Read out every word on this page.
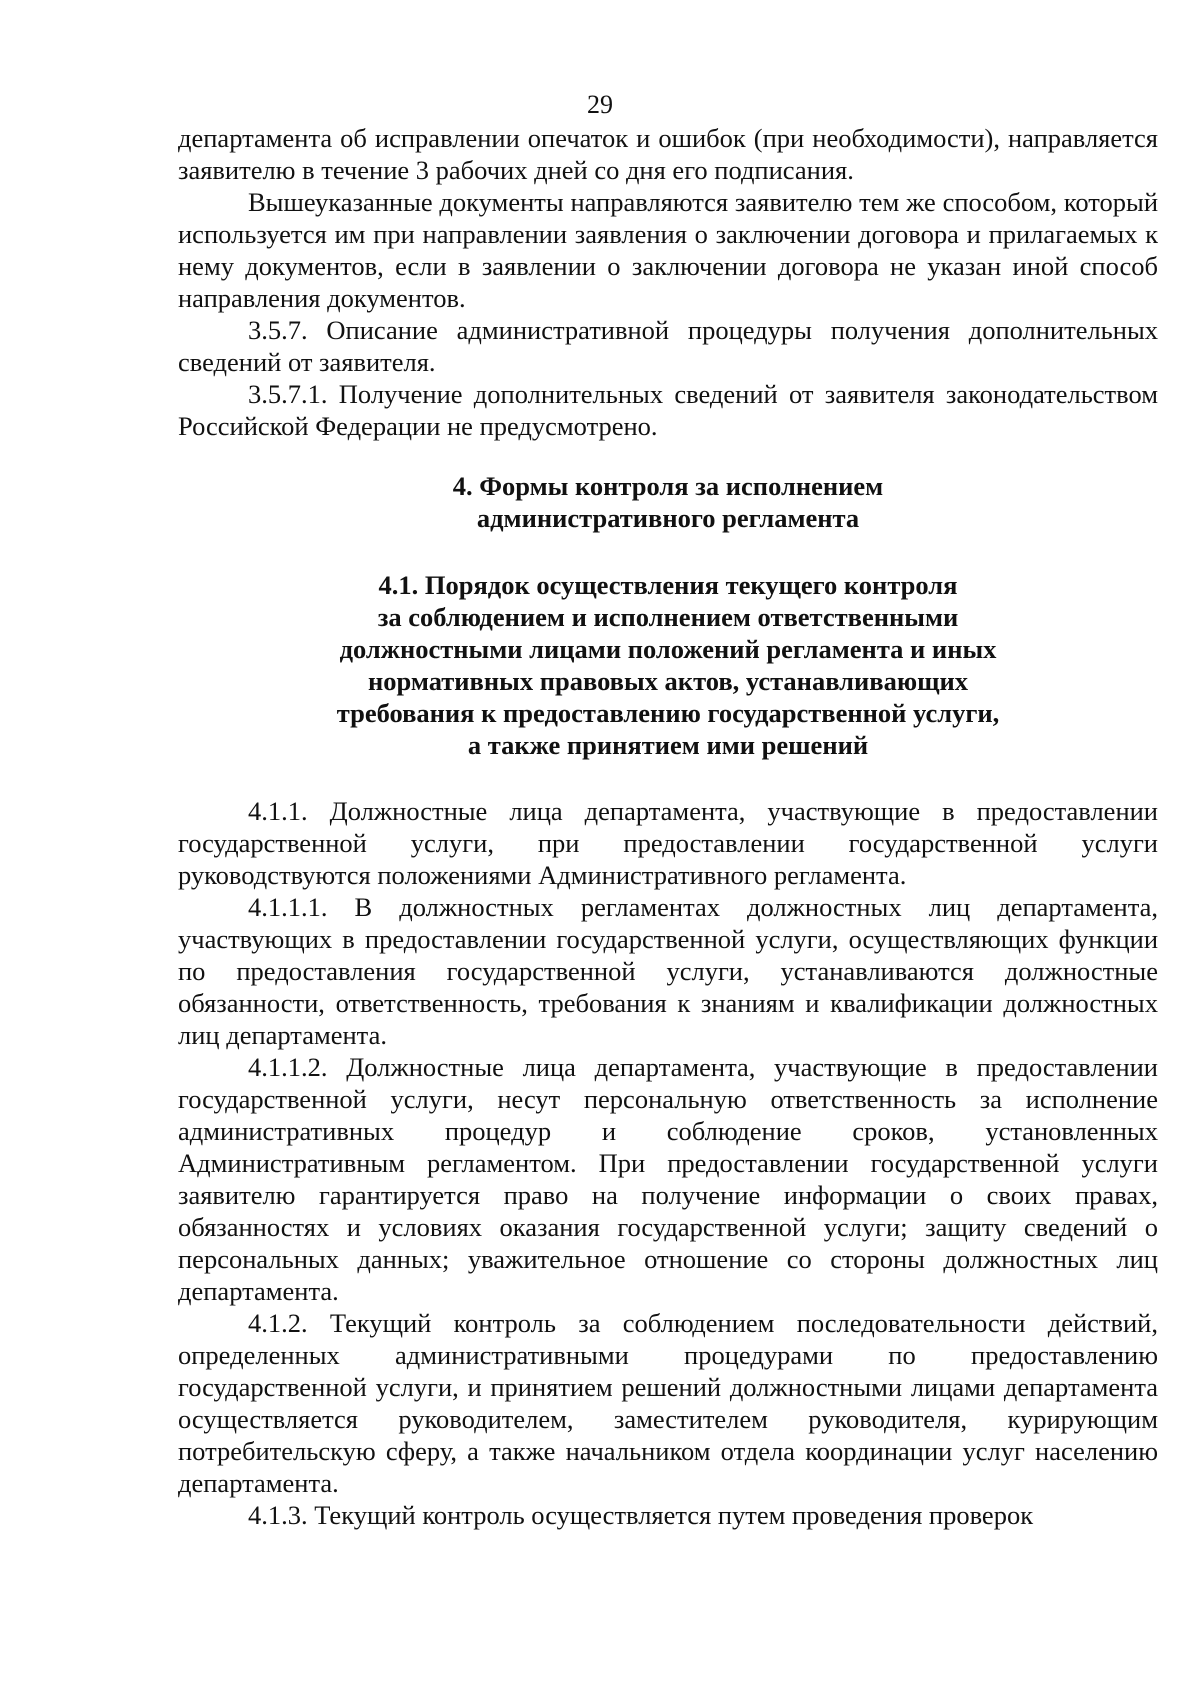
29

департамента об исправлении опечаток и ошибок (при необходимости), направляется заявителю в течение 3 рабочих дней со дня его подписания.

Вышеуказанные документы направляются заявителю тем же способом, который используется им при направлении заявления о заключении договора и прилагаемых к нему документов, если в заявлении о заключении договора не указан иной способ направления документов.

3.5.7. Описание административной процедуры получения дополнительных сведений от заявителя.

3.5.7.1. Получение дополнительных сведений от заявителя законодательством Российской Федерации не предусмотрено.

4. Формы контроля за исполнением

административного регламента

4.1. Порядок осуществления текущего контроля

за соблюдением и исполнением ответственными

должностными лицами положений регламента и иных

нормативных правовых актов, устанавливающих

требования к предоставлению государственной услуги,

а также принятием ими решений

4.1.1. Должностные лица департамента, участвующие в предоставлении государственной услуги, при предоставлении государственной услуги руководствуются положениями Административного регламента.

4.1.1.1. В должностных регламентах должностных лиц департамента, участвующих в предоставлении государственной услуги, осуществляющих функции по предоставления государственной услуги, устанавливаются должностные обязанности, ответственность, требования к знаниям и квалификации должностных лиц департамента.

4.1.1.2. Должностные лица департамента, участвующие в предоставлении государственной услуги, несут персональную ответственность за исполнение административных процедур и соблюдение сроков, установленных Административным регламентом. При предоставлении государственной услуги заявителю гарантируется право на получение информации о своих правах, обязанностях и условиях оказания государственной услуги; защиту сведений о персональных данных; уважительное отношение со стороны должностных лиц департамента.

4.1.2. Текущий контроль за соблюдением последовательности действий, определенных административными процедурами по предоставлению государственной услуги, и принятием решений должностными лицами департамента осуществляется руководителем, заместителем руководителя, курирующим потребительскую сферу, а также начальником отдела координации услуг населению департамента.

4.1.3. Текущий контроль осуществляется путем проведения проверок
